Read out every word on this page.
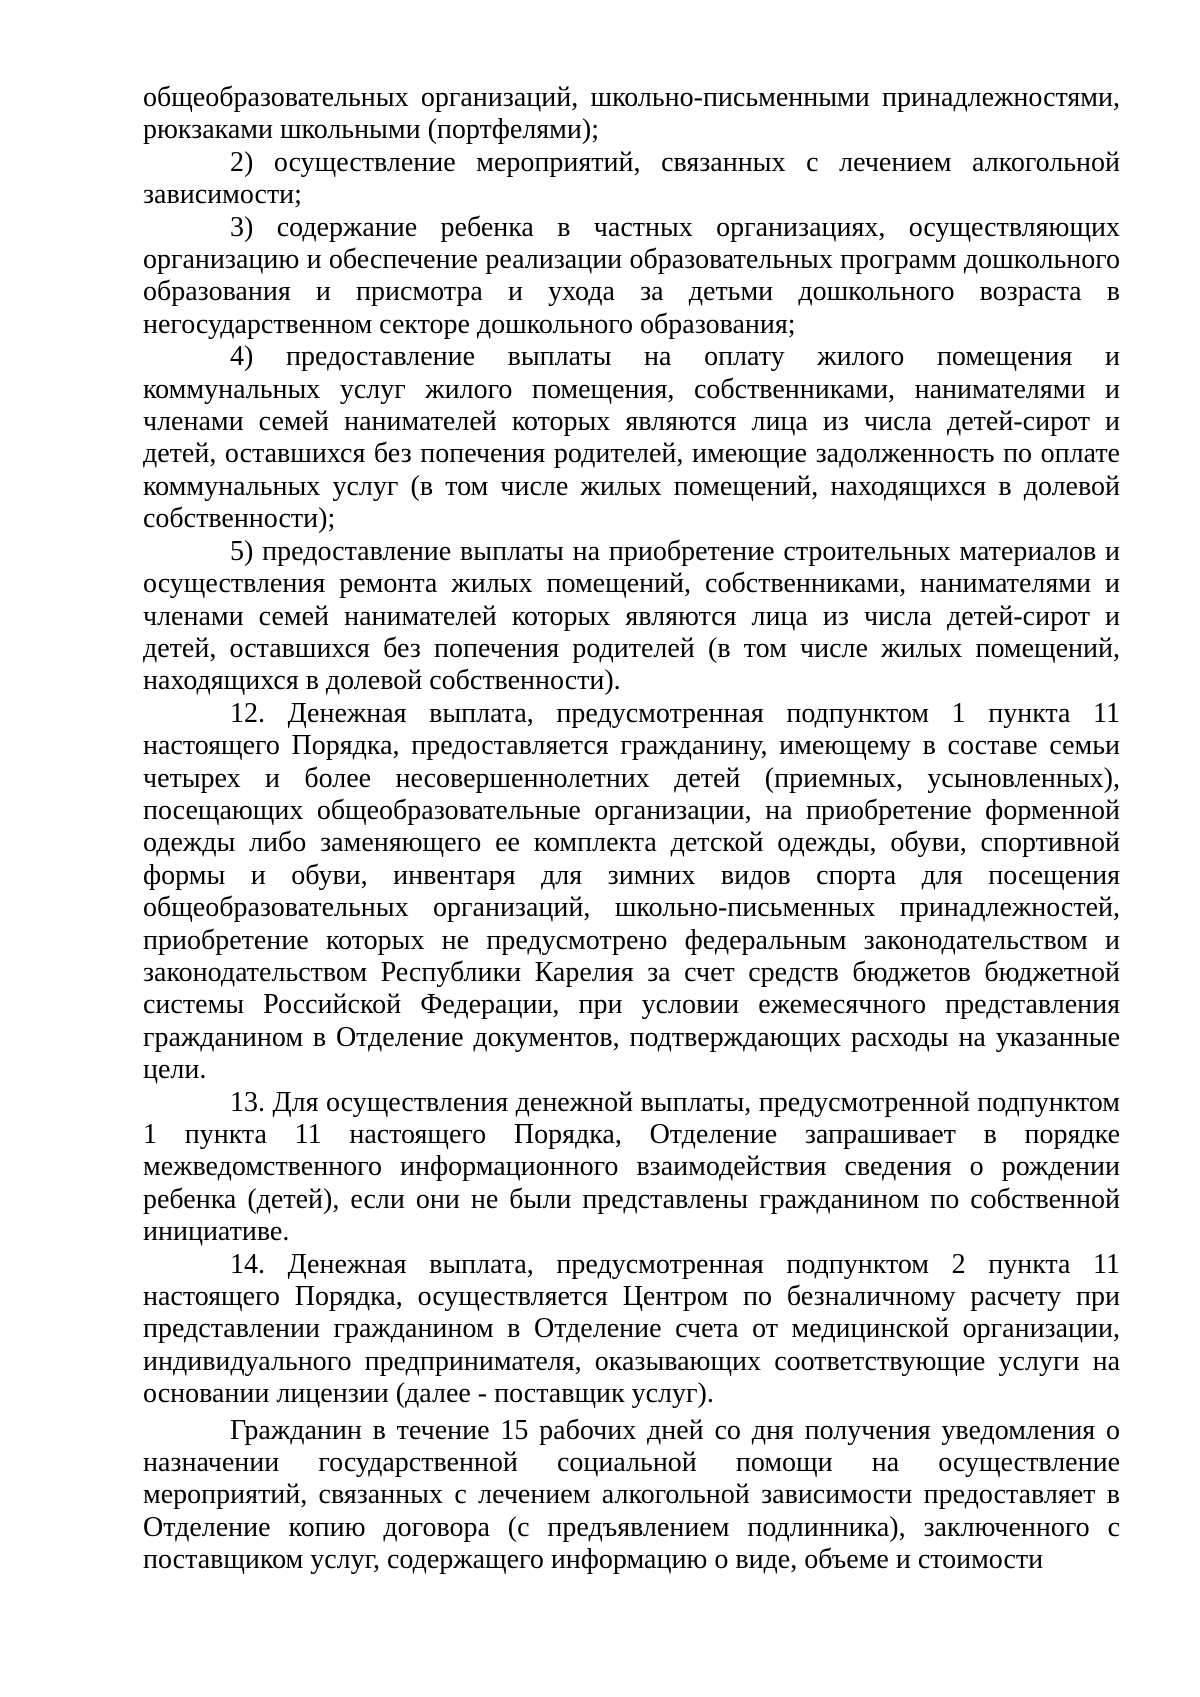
общеобразовательных организаций, школьно-письменными принадлежностями, рюкзаками школьными (портфелями);

2) осуществление мероприятий, связанных с лечением алкогольной зависимости;

3) содержание ребенка в частных организациях, осуществляющих организацию и обеспечение реализации образовательных программ дошкольного образования и присмотра и ухода за детьми дошкольного возраста в негосударственном секторе дошкольного образования;

4) предоставление выплаты на оплату жилого помещения и коммунальных услуг жилого помещения, собственниками, нанимателями и членами семей нанимателей которых являются лица из числа детей-сирот и детей, оставшихся без попечения родителей, имеющие задолженность по оплате коммунальных услуг (в том числе жилых помещений, находящихся в долевой собственности);

5) предоставление выплаты на приобретение строительных материалов и осуществления ремонта жилых помещений, собственниками, нанимателями и членами семей нанимателей которых являются лица из числа детей-сирот и детей, оставшихся без попечения родителей (в том числе жилых помещений, находящихся в долевой собственности).

12. Денежная выплата, предусмотренная подпунктом 1 пункта 11 настоящего Порядка, предоставляется гражданину, имеющему в составе семьи четырех и более несовершеннолетних детей (приемных, усыновленных), посещающих общеобразовательные организации, на приобретение форменной одежды либо заменяющего ее комплекта детской одежды, обуви, спортивной формы и обуви, инвентаря для зимних видов спорта для посещения общеобразовательных организаций, школьно-письменных принадлежностей, приобретение которых не предусмотрено федеральным законодательством и законодательством Республики Карелия за счет средств бюджетов бюджетной системы Российской Федерации, при условии ежемесячного представления гражданином в Отделение документов, подтверждающих расходы на указанные цели.

13. Для осуществления денежной выплаты, предусмотренной подпунктом 1 пункта 11 настоящего Порядка, Отделение запрашивает в порядке межведомственного информационного взаимодействия сведения о рождении ребенка (детей), если они не были представлены гражданином по собственной инициативе.

14. Денежная выплата, предусмотренная подпунктом 2 пункта 11 настоящего Порядка, осуществляется Центром по безналичному расчету при представлении гражданином в Отделение счета от медицинской организации, индивидуального предпринимателя, оказывающих соответствующие услуги на основании лицензии (далее - поставщик услуг).

Гражданин в течение 15 рабочих дней со дня получения уведомления о назначении государственной социальной помощи на осуществление мероприятий, связанных с лечением алкогольной зависимости предоставляет в Отделение копию договора (с предъявлением подлинника), заключенного с поставщиком услуг, содержащего информацию о виде, объеме и стоимости
